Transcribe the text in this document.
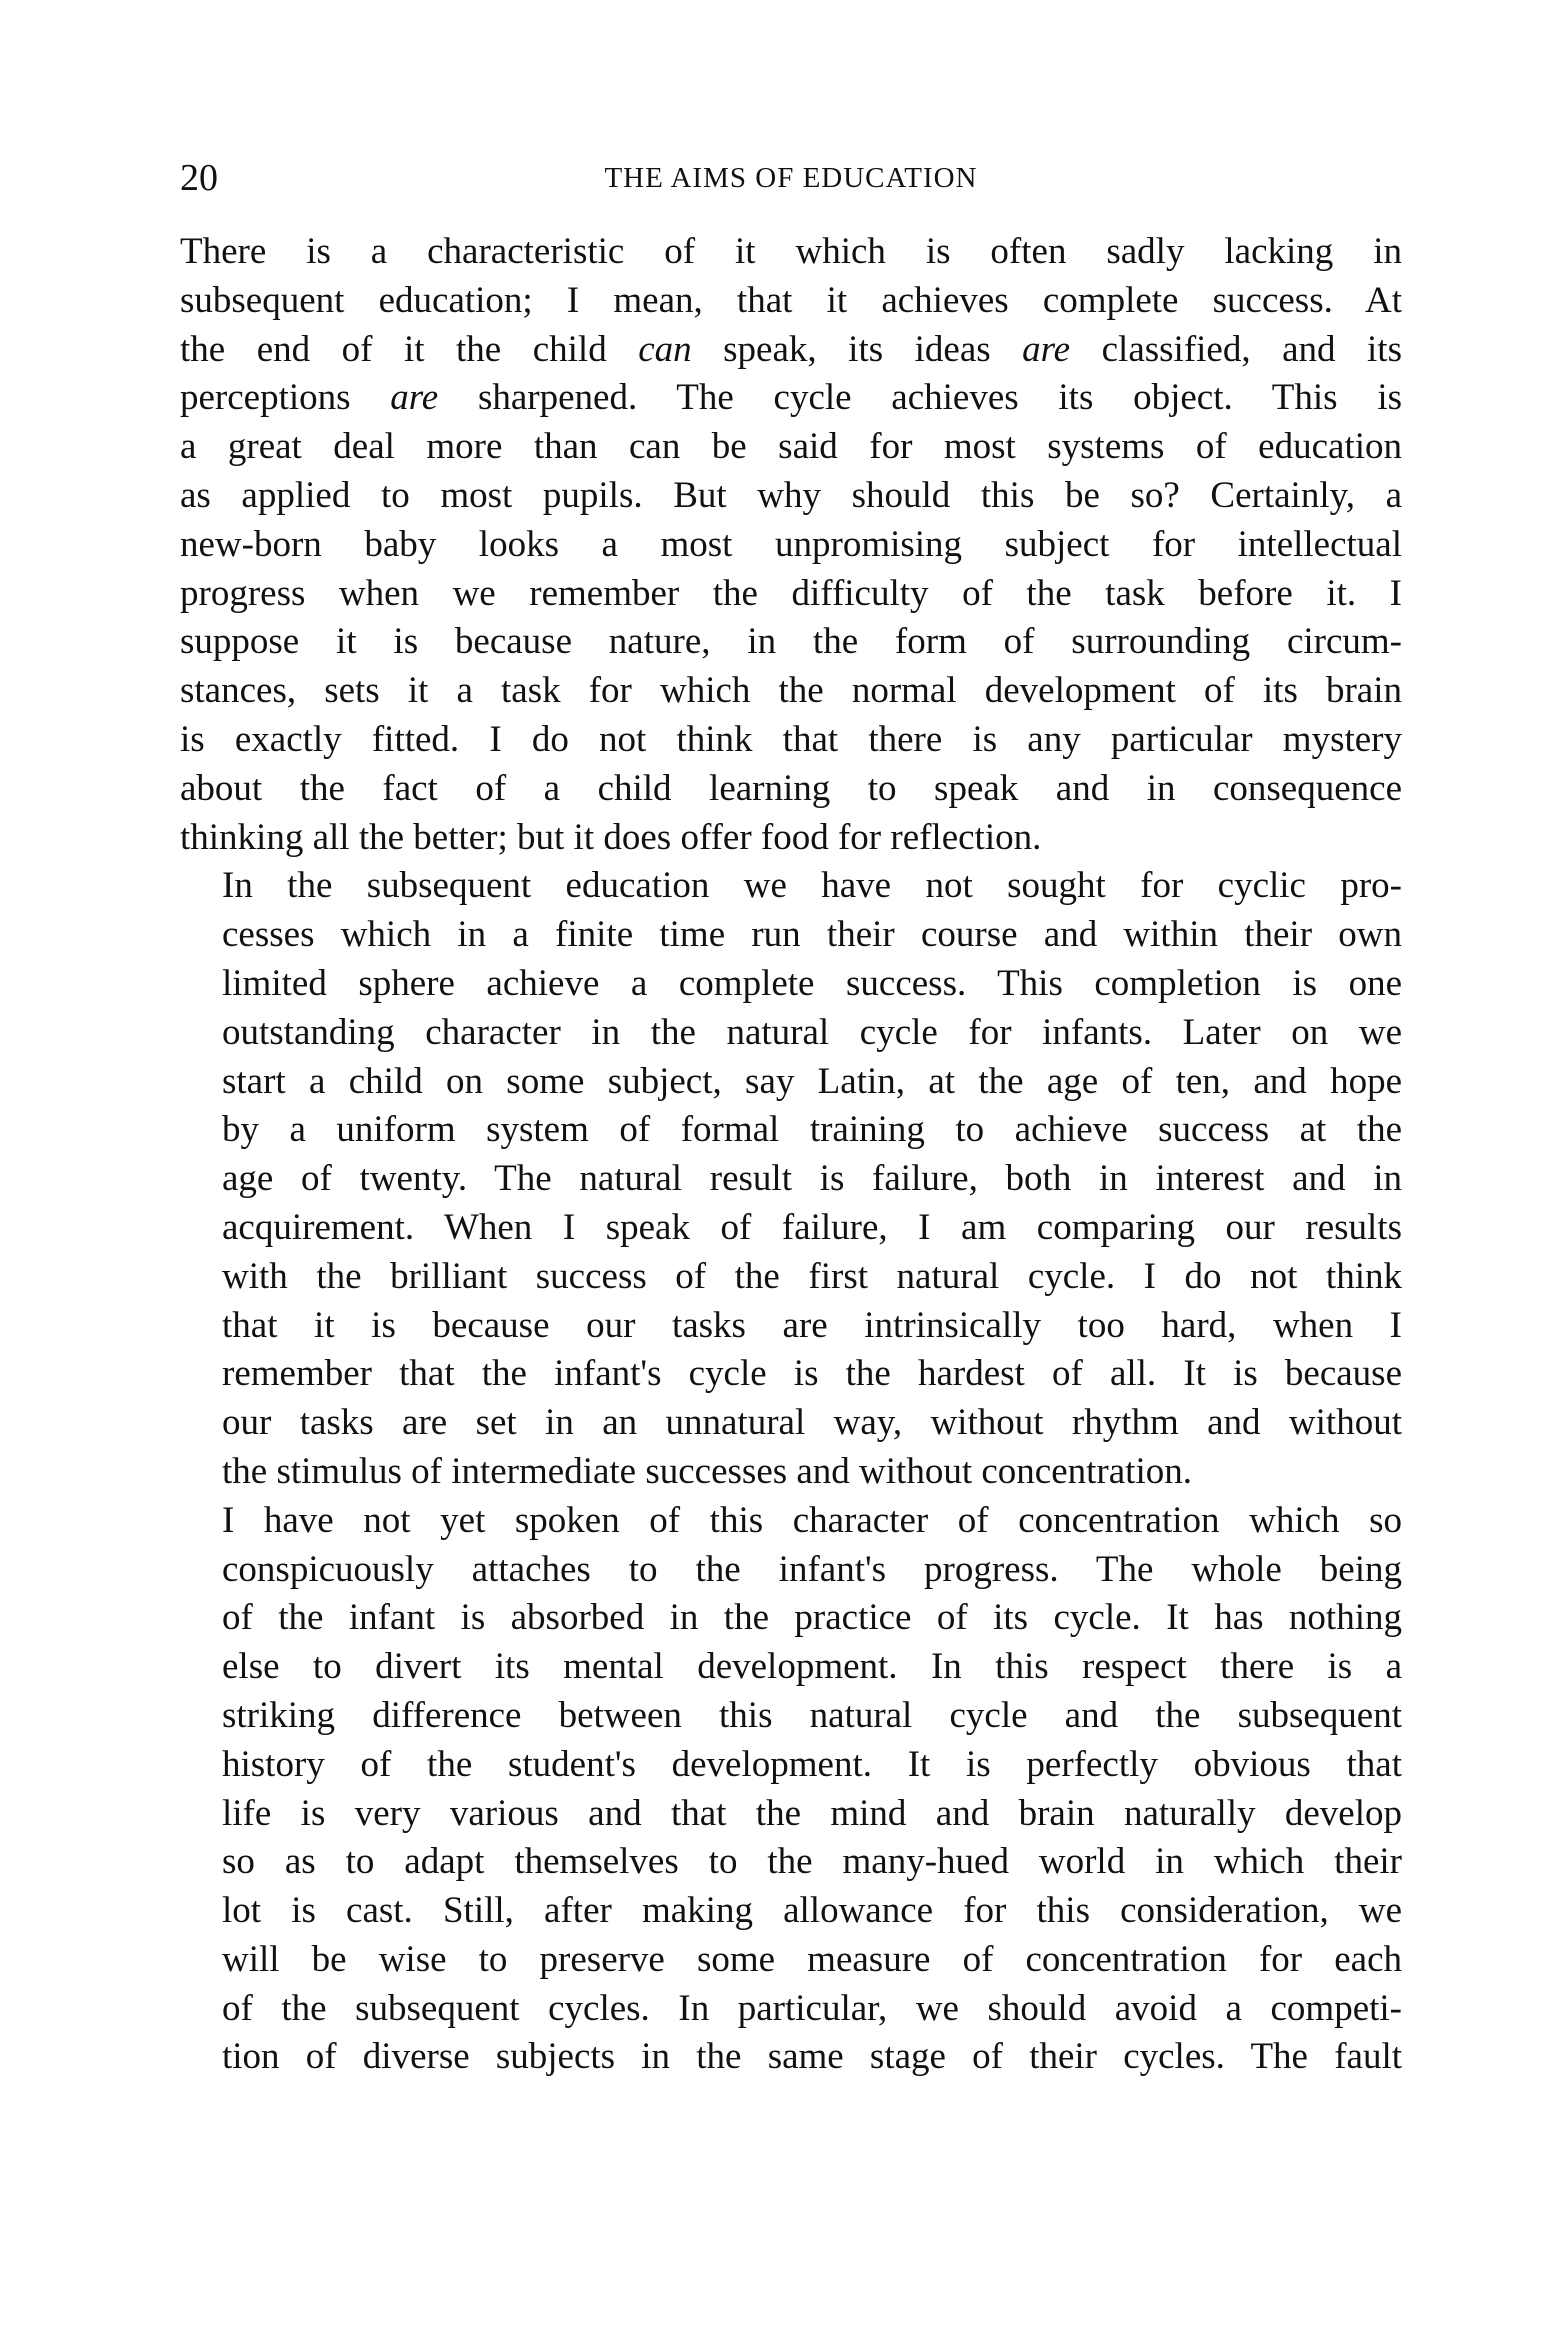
20	THE AIMS OF EDUCATION

There is a characteristic of it which is often sadly lacking in
subsequent education; I mean, that it achieves complete success. At
the end of it the child can speak, its ideas are classified, and its
perceptions are sharpened. The cycle achieves its object. This is
a great deal more than can be said for most systems of education
as applied to most pupils. But why should this be so? Certainly, a
new-born baby looks a most unpromising subject for intellectual
progress when we remember the difficulty of the task before it. I
suppose it is because nature, in the form of surrounding circum-
stances, sets it a task for which the normal development of its brain
is exactly fitted. I do not think that there is any particular mystery
about the fact of a child learning to speak and in consequence
thinking all the better; but it does offer food for reflection.

In the subsequent education we have not sought for cyclic pro-
cesses which in a finite time run their course and within their own
limited sphere achieve a complete success. This completion is one
outstanding character in the natural cycle for infants. Later on we
start a child on some subject, say Latin, at the age of ten, and hope
by a uniform system of formal training to achieve success at the
age of twenty. The natural result is failure, both in interest and in
acquirement. When I speak of failure, I am comparing our results
with the brilliant success of the first natural cycle. I do not think
that it is because our tasks are intrinsically too hard, when I
remember that the infant's cycle is the hardest of all. It is because
our tasks are set in an unnatural way, without rhythm and without
the stimulus of intermediate successes and without concentration.

I have not yet spoken of this character of concentration which so
conspicuously attaches to the infant's progress. The whole being
of the infant is absorbed in the practice of its cycle. It has nothing
else to divert its mental development. In this respect there is a
striking difference between this natural cycle and the subsequent
history of the student's development. It is perfectly obvious that
life is very various and that the mind and brain naturally develop
so as to adapt themselves to the many-hued world in which their
lot is cast. Still, after making allowance for this consideration, we
will be wise to preserve some measure of concentration for each
of the subsequent cycles. In particular, we should avoid a competi-
tion of diverse subjects in the same stage of their cycles. The fault
